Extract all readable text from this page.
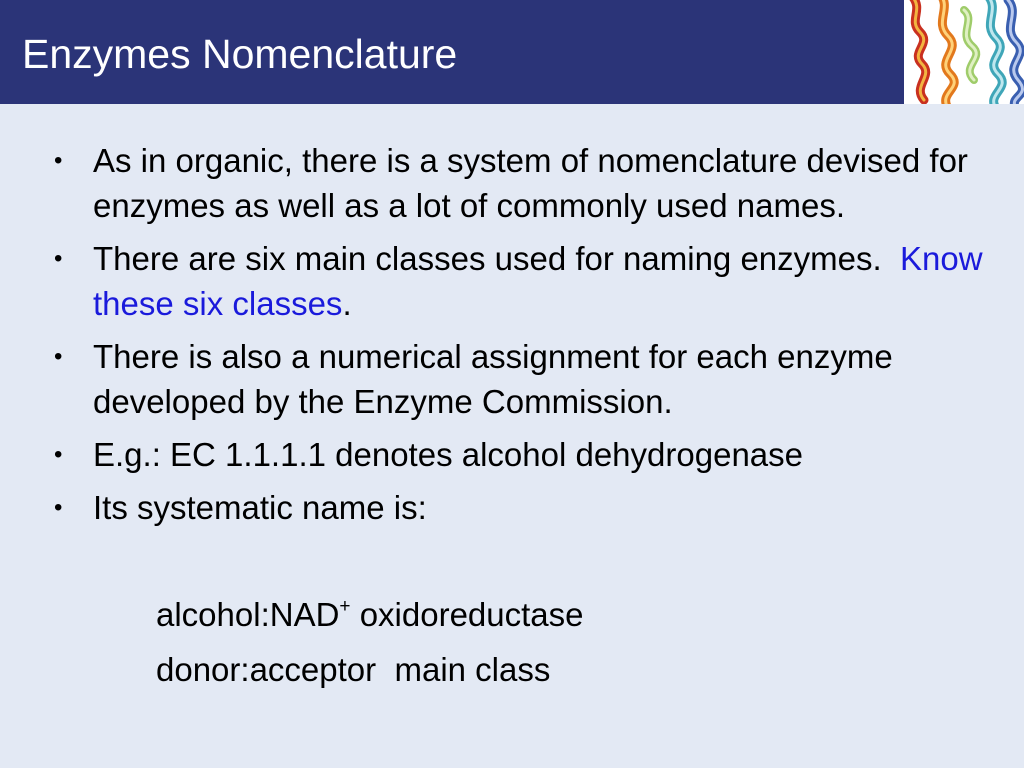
Enzymes Nomenclature
• As in organic, there is a system of nomenclature devised for enzymes as well as a lot of commonly used names.
• There are six main classes used for naming enzymes.  Know these six classes.
• There is also a numerical assignment for each enzyme developed by the Enzyme Commission.
• E.g.: EC 1.1.1.1 denotes alcohol dehydrogenase
• Its systematic name is:
alcohol:NAD+ oxidoreductase
donor:acceptor  main class
